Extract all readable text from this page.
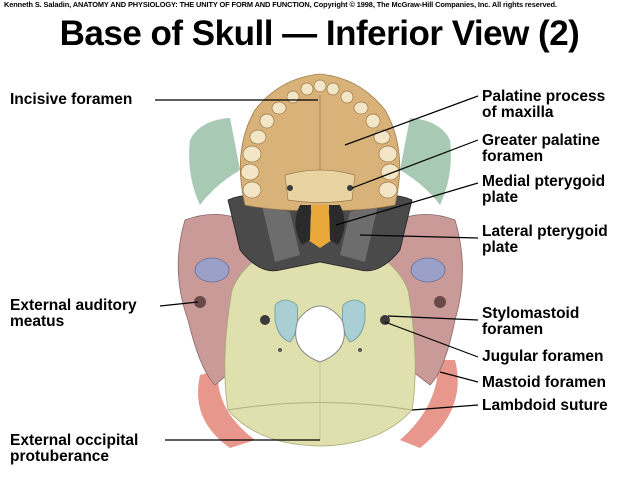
Kenneth S. Saladin, ANATOMY AND PHYSIOLOGY: THE UNITY OF FORM AND FUNCTION, Copyright © 1998, The McGraw-Hill Companies, Inc. All rights reserved.
Base of Skull — Inferior View (2)
Incisive foramen
External auditory
meatus
External occipital
protuberance
Palatine process
of maxilla
Greater palatine
foramen
Medial pterygoid
plate
Lateral pterygoid
plate
Stylomastoid
foramen
Jugular foramen
Mastoid foramen
Lambdoid suture
